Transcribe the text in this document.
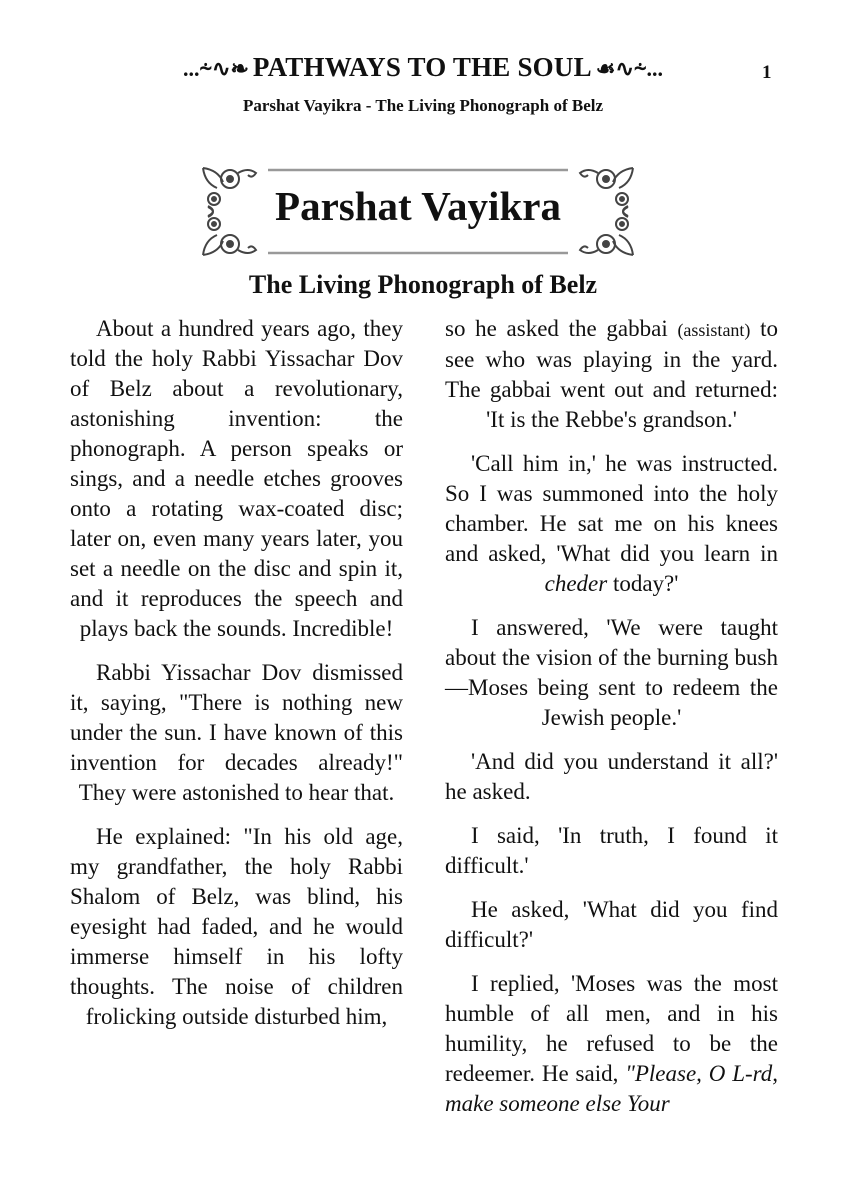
...⸞∿❧ PATHWAYS TO THE SOUL ☙∿⸞...	1
Parshat Vayikra - The Living Phonograph of Belz
Parshat Vayikra
The Living Phonograph of Belz

About a hundred years ago, they told the holy Rabbi Yissachar Dov of Belz about a revolutionary, astonishing invention: the phonograph. A person speaks or sings, and a needle etches grooves onto a rotating wax-coated disc; later on, even many years later, you set a needle on the disc and spin it, and it reproduces the speech and plays back the sounds. Incredible!

Rabbi Yissachar Dov dismissed it, saying, "There is nothing new under the sun. I have known of this invention for decades already!" They were astonished to hear that.

He explained: "In his old age, my grandfather, the holy Rabbi Shalom of Belz, was blind, his eyesight had faded, and he would immerse himself in his lofty thoughts. The noise of children frolicking outside disturbed him,

so he asked the gabbai (assistant) to see who was playing in the yard. The gabbai went out and returned: 'It is the Rebbe's grandson.'

'Call him in,' he was instructed. So I was summoned into the holy chamber. He sat me on his knees and asked, 'What did you learn in cheder today?'

I answered, 'We were taught about the vision of the burning bush—Moses being sent to redeem the Jewish people.'

'And did you understand it all?' he asked.

I said, 'In truth, I found it difficult.'

He asked, 'What did you find difficult?'

I replied, 'Moses was the most humble of all men, and in his humility, he refused to be the redeemer. He said, "Please, O L-rd, make someone else Your
